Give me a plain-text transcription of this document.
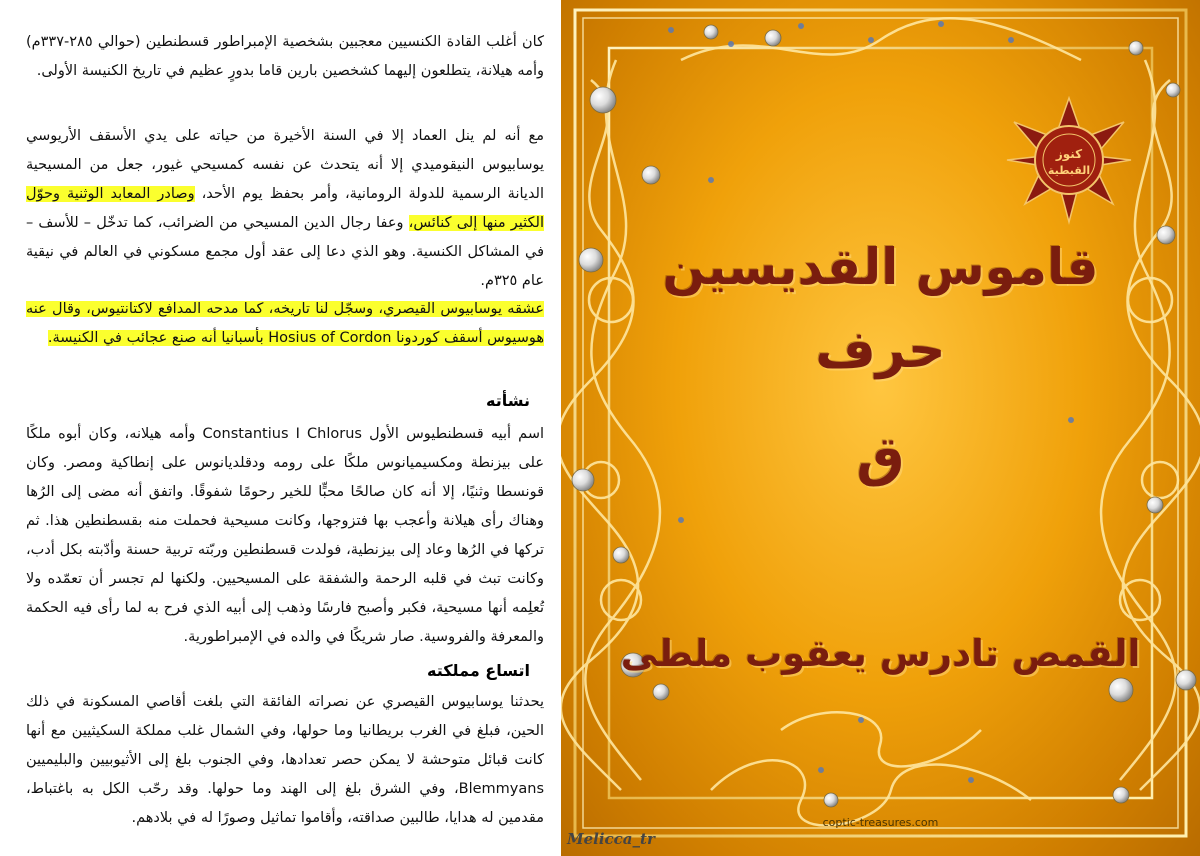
كان أغلب القادة الكنسيين معجبين بشخصية الإمبراطور قسطنطين (حوالي ٢٨٥-٣٣٧م) وأمه هيلانة، يتطلعون إليهما كشخصين بارين قاما بدورٍ عظيم في تاريخ الكنيسة الأولى.

مع أنه لم ينل العماد إلا في السنة الأخيرة من حياته على يدي الأسقف الأريوسي يوسابيوس النيقوميدي إلا أنه يتحدث عن نفسه كمسيحي غيور، جعل من المسيحية الديانة الرسمية للدولة الرومانية، وأمر بحفظ يوم الأحد، وصادر المعابد الوثنية وحوّل الكثير منها إلى كنائس، وعفا رجال الدين المسيحي من الضرائب، كما تدخّل – للأسف – في المشاكل الكنسية. وهو الذي دعا إلى عقد أول مجمع مسكوني في العالم في نيقية عام ٣٢٥م.

عشقه يوسابيوس القيصري، وسجّل لنا تاريخه، كما مدحه المدافع لاكتانتيوس، وقال عنه هوسيوس أسقف كوردونا Hosius of Cordon بأسبانيا أنه صنع عجائب في الكنيسة.

نشأته

اسم أبيه قسطنطيوس الأول Constantius I Chlorus وأمه هيلانه، وكان أبوه ملكًا على بيزنطة ومكسيميانوس ملكًا على رومه ودقلديانوس على إنطاكية ومصر. وكان قونسطا وثنيًا، إلا أنه كان صالحًا محبٍّا للخير رحومًا شفوقًا. واتفق أنه مضى إلى الرُها وهناك رأى هيلانة وأعجب بها فتزوجها، وكانت مسيحية فحملت منه بقسطنطين هذا. ثم تركها في الرُها وعاد إلى بيزنطية، فولدت قسطنطين وربّته تربية حسنة وأدّبته بكل أدب، وكانت تبث في قلبه الرحمة والشفقة على المسيحيين. ولكنها لم تجسر أن تعمّده ولا تُعلِمه أنها مسيحية، فكبر وأصبح فارسًا وذهب إلى أبيه الذي فرح به لما رأى فيه الحكمة والمعرفة والفروسية. صار شريكًا في والده في الإمبراطورية.

اتساع مملكته

يحدثنا يوسابيوس القيصري عن نصراته الفائقة التي بلغت أقاصي المسكونة في ذلك الحين، فبلغ في الغرب بريطانيا وما حولها، وفي الشمال غلب مملكة السكيثيين مع أنها كانت قبائل متوحشة لا يمكن حصر تعدادها، وفي الجنوب بلغ إلى الأثيوبيين والبليميين Blemmyans، وفي الشرق بلغ إلى الهند وما حولها. وقد رحّب الكل به باغتباط، مقدمين له هدايا، طالبين صداقته، وأقاموا تماثيل وصورًا له في بلادهم.

كنوز
القبطية

قاموس القديسين

حرف

ق

القمص تادرس يعقوب ملطى

coptic-treasures.com

Melicca_tr
